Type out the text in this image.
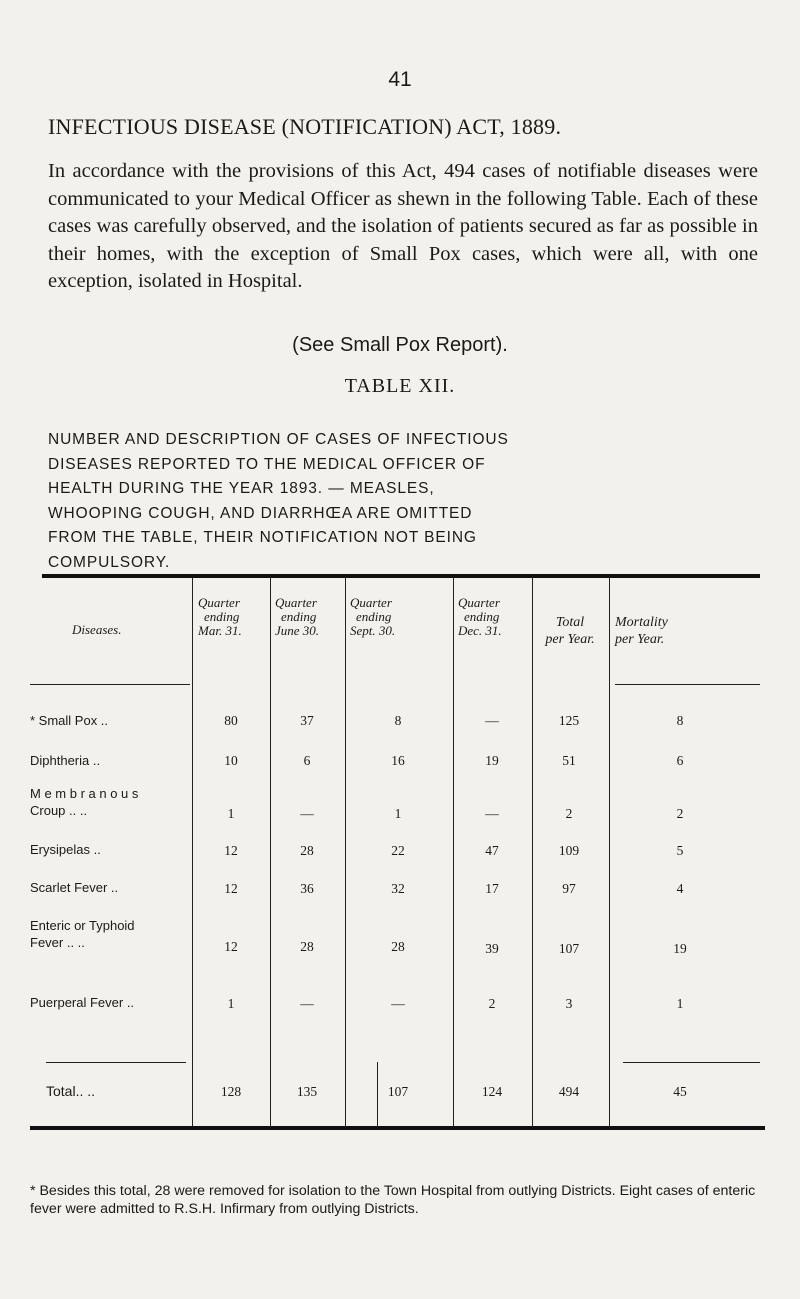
41
INFECTIOUS DISEASE (NOTIFICATION) ACT, 1889.
In accordance with the provisions of this Act, 494 cases of notifiable diseases were communicated to your Medical Officer as shewn in the following Table. Each of these cases was carefully observed, and the isolation of patients secured as far as possible in their homes, with the exception of Small Pox cases, which were all, with one exception, isolated in Hospital.
(See Small Pox Report).
TABLE XII.
NUMBER AND DESCRIPTION OF CASES OF INFECTIOUS
DISEASES REPORTED TO THE MEDICAL OFFICER OF
HEALTH DURING THE YEAR 1893. — MEASLES,
WHOOPING COUGH, AND DIARRHŒA ARE OMITTED
FROM THE TABLE, THEIR NOTIFICATION NOT BEING
COMPULSORY.
Diseases.
Quarter
ending
Mar. 31.
Quarter
ending
June 30.
Quarter
ending
Sept. 30.
Quarter
ending
Dec. 31.
Total
per Year.
Mortality
per Year.
* Small Pox ..	80	37	8	—	125	8
Diphtheria ..	10	6	16	19	51	6
M e m b r a n o u s
Croup .. ..	1	—	1	—	2	2
Erysipelas ..	12	28	22	47	109	5
Scarlet Fever ..	12	36	32	17	97	4
Enteric or Typhoid
Fever .. ..	12	28	28	39	107	19
Puerperal Fever ..	1	—	—	2	3	1
Total.. ..	128	135	107	124	494	45
* Besides this total, 28 were removed for isolation to the Town Hospital from outlying Districts. Eight cases of enteric fever were admitted to R.S.H. Infirmary from outlying Districts.
